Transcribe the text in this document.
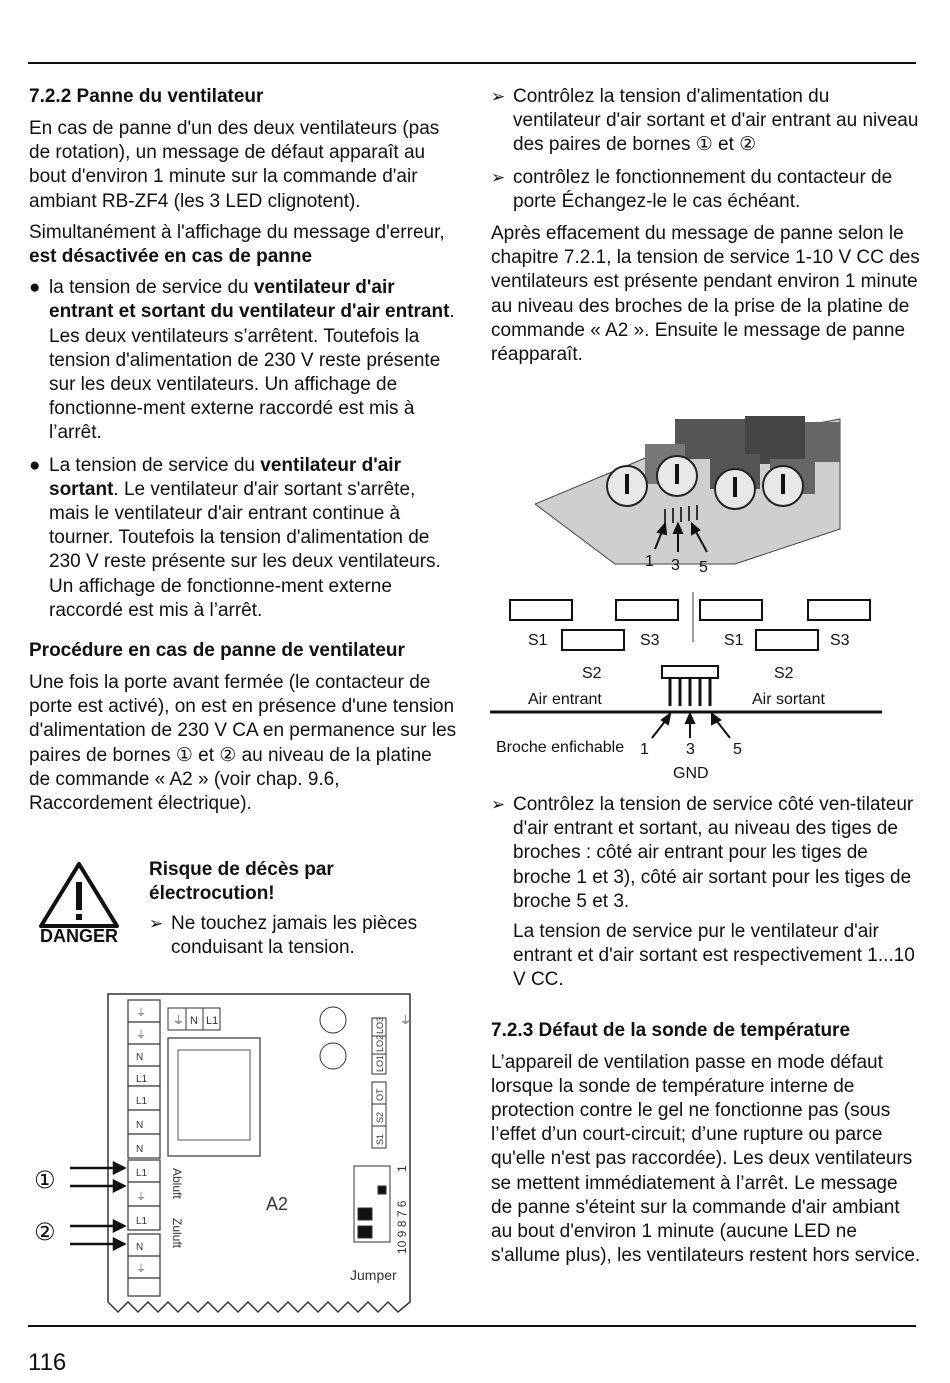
7.2.2 Panne du ventilateur

En cas de panne d'un des deux ventilateurs (pas de rotation), un message de défaut apparaît au bout d'environ 1 minute sur la commande d'air ambiant RB-ZF4 (les 3 LED clignotent).

Simultanément à l'affichage du message d'erreur, est désactivée en cas de panne

● la tension de service du ventilateur d'air entrant et sortant du ventilateur d'air entrant. Les deux ventilateurs s’arrêtent. Toutefois la tension d'alimentation de 230 V reste présente sur les deux ventilateurs. Un affichage de fonctionne-ment externe raccordé est mis à l’arrêt.
● La tension de service du ventilateur d'air sortant. Le ventilateur d'air sortant s'arrête, mais le ventilateur d'air entrant continue à tourner. Toutefois la tension d'alimentation de 230 V reste présente sur les deux ventilateurs. Un affichage de fonctionne-ment externe raccordé est mis à l’arrêt.
Procédure en cas de panne de ventilateur

Une fois la porte avant fermée (le contacteur de porte est activé), on est en présence d'une tension d'alimentation de 230 V CA en permanence sur les paires de bornes ① et ② au niveau de la platine de commande « A2 » (voir chap. 9.6, Raccordement électrique).

DANGER
Risque de décès par électrocution!
➢ Ne touchez jamais les pièces conduisant la tension.
⏚
⏚
N
L1
L1
N
N
L1
⏚
L1
N
⏚
⏚ N L1	LO3
LO2
LO1
OT
S2
S1
⏚
1
10 9 8 7 6
Jumper
A2
Abluft
Zuluft
①
②
➢ Contrôlez la tension d'alimentation du ventilateur d'air sortant et d'air entrant au niveau des paires de bornes ① et ②
➢ contrôlez le fonctionnement du contacteur de porte Échangez-le le cas échéant.

Après effacement du message de panne selon le chapitre 7.2.1, la tension de service 1-10 V CC des ventilateurs est présente pendant environ 1 minute au niveau des broches de la prise de la platine de commande « A2 ». Ensuite le message de panne réapparaît.

1 3 5
S1	S3	S1	S3
S2	S2
Air entrant	Air sortant
Broche enfichable 1 3 5
GND
➢ Contrôlez la tension de service côté ven-tilateur d'air entrant et sortant, au niveau des tiges de broches : côté air entrant pour les tiges de broche 1 et 3), côté air sortant pour les tiges de broche 5 et 3.

La tension de service pur le ventilateur d'air entrant et d'air sortant est respectivement 1...10 V CC.

7.2.3 Défaut de la sonde de température

L’appareil de ventilation passe en mode défaut lorsque la sonde de température interne de protection contre le gel ne fonctionne pas (sous l’effet d’un court-circuit; d’une rupture ou parce qu'elle n'est pas raccordée). Les deux ventilateurs se mettent immédiatement à l’arrêt. Le message de panne s'éteint sur la commande d'air ambiant au bout d'environ 1 minute (aucune LED ne s'allume plus), les ventilateurs restent hors service.

116
